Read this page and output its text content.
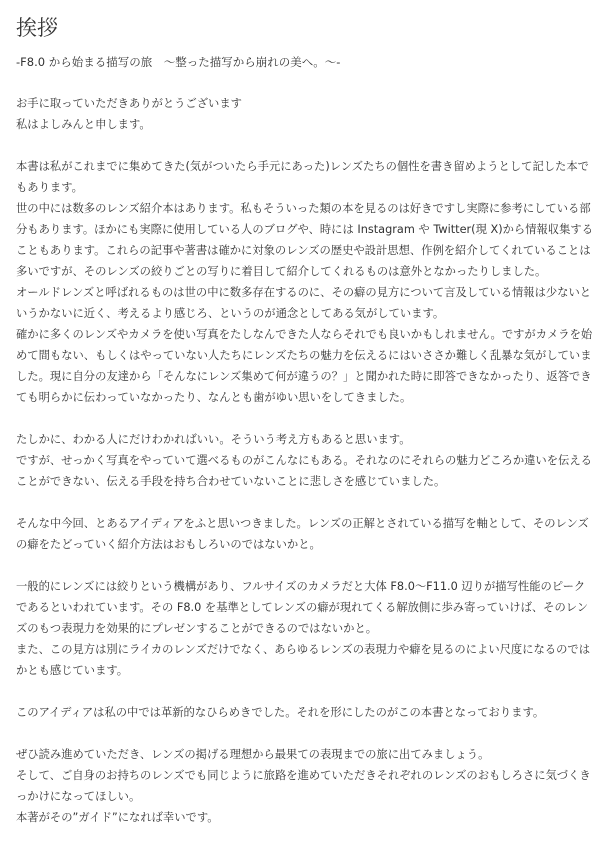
挨拶
-F8.0 から始まる描写の旅　～整った描写から崩れの美へ。～-
お手に取っていただきありがとうございます
私はよしみんと申します。
本書は私がこれまでに集めてきた(気がついたら手元にあった)レンズたちの個性を書き留めようとして記した本でもあります。
世の中には数多のレンズ紹介本はあります。私もそういった類の本を見るのは好きですし実際に参考にしている部分もあります。ほかにも実際に使用している人のブログや、時には Instagram や Twitter(現 X)から情報収集することもあります。これらの記事や著書は確かに対象のレンズの歴史や設計思想、作例を紹介してくれていることは多いですが、そのレンズの絞りごとの写りに着目して紹介してくれるものは意外となかったりしました。
オールドレンズと呼ばれるものは世の中に数多存在するのに、その癖の見方について言及している情報は少ないというかないに近く、考えるより感じろ、というのが通念としてある気がしています。
確かに多くのレンズやカメラを使い写真をたしなんできた人ならそれでも良いかもしれません。ですがカメラを始めて間もない、もしくはやっていない人たちにレンズたちの魅力を伝えるにはいささか難しく乱暴な気がしていました。現に自分の友達から「そんなにレンズ集めて何が違うの？」と聞かれた時に即答できなかったり、返答できても明らかに伝わっていなかったり、なんとも歯がゆい思いをしてきました。
たしかに、わかる人にだけわかればいい。そういう考え方もあると思います。
ですが、せっかく写真をやっていて選べるものがこんなにもある。それなのにそれらの魅力どころか違いを伝えることができない、伝える手段を持ち合わせていないことに悲しさを感じていました。
そんな中今回、とあるアイディアをふと思いつきました。レンズの正解とされている描写を軸として、そのレンズの癖をたどっていく紹介方法はおもしろいのではないかと。
一般的にレンズには絞りという機構があり、フルサイズのカメラだと大体 F8.0～F11.0 辺りが描写性能のピークであるといわれています。その F8.0 を基準としてレンズの癖が現れてくる解放側に歩み寄っていけば、そのレンズのもつ表現力を効果的にプレゼンすることができるのではないかと。
また、この見方は別にライカのレンズだけでなく、あらゆるレンズの表現力や癖を見るのによい尺度になるのではかとも感じています。
このアイディアは私の中では革新的なひらめきでした。それを形にしたのがこの本書となっております。
ぜひ読み進めていただき、レンズの掲げる理想から最果ての表現までの旅に出てみましょう。
そして、ご自身のお持ちのレンズでも同じように旅路を進めていただきそれぞれのレンズのおもしろさに気づくきっかけになってほしい。
本著がその”ガイド”になれば幸いです。
